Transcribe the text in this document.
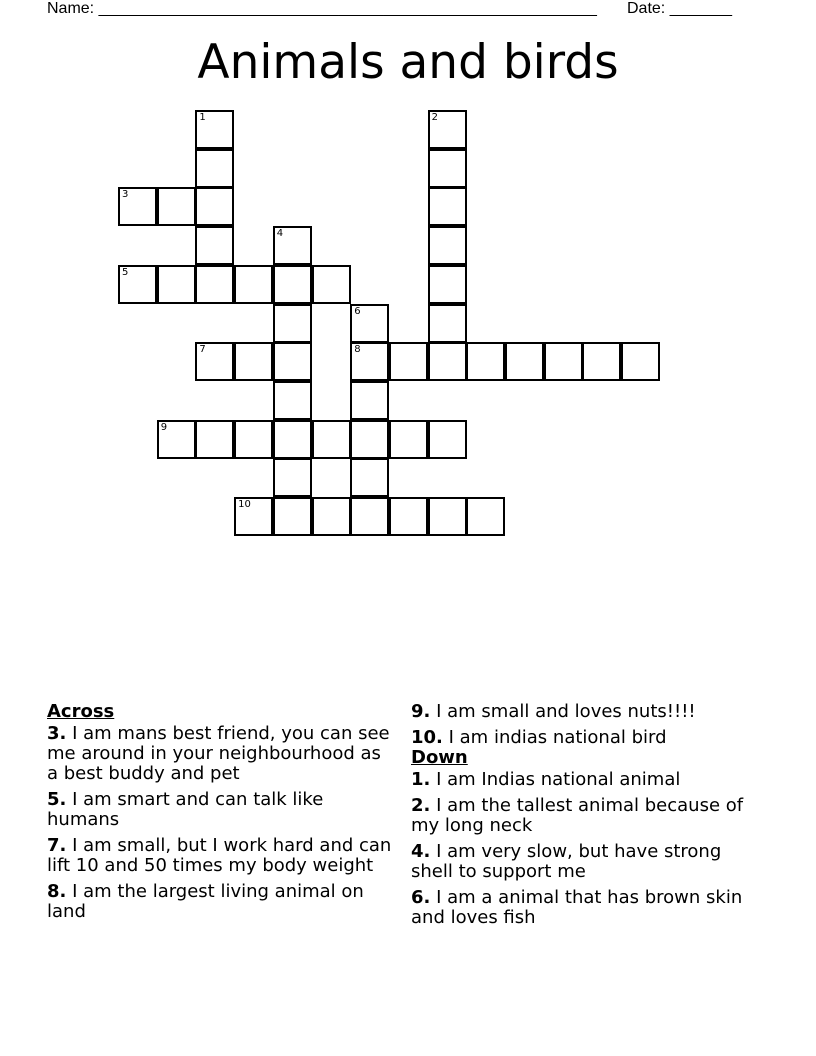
Name: ________________________________________________________ Date: _______
Animals and birds
1	2
3
4
5
6
8
7
9
10
Across
3. I am mans best friend, you can see me around in your neighbourhood as a best buddy and pet
5. I am smart and can talk like humans
7. I am small, but I work hard and can lift 10 and 50 times my body weight
8. I am the largest living animal on land
9. I am small and loves nuts!!!!
10. I am indias national bird
Down
1. I am Indias national animal
2. I am the tallest animal because of my long neck
4. I am very slow, but have strong shell to support me
6. I am a animal that has brown skin and loves fish
